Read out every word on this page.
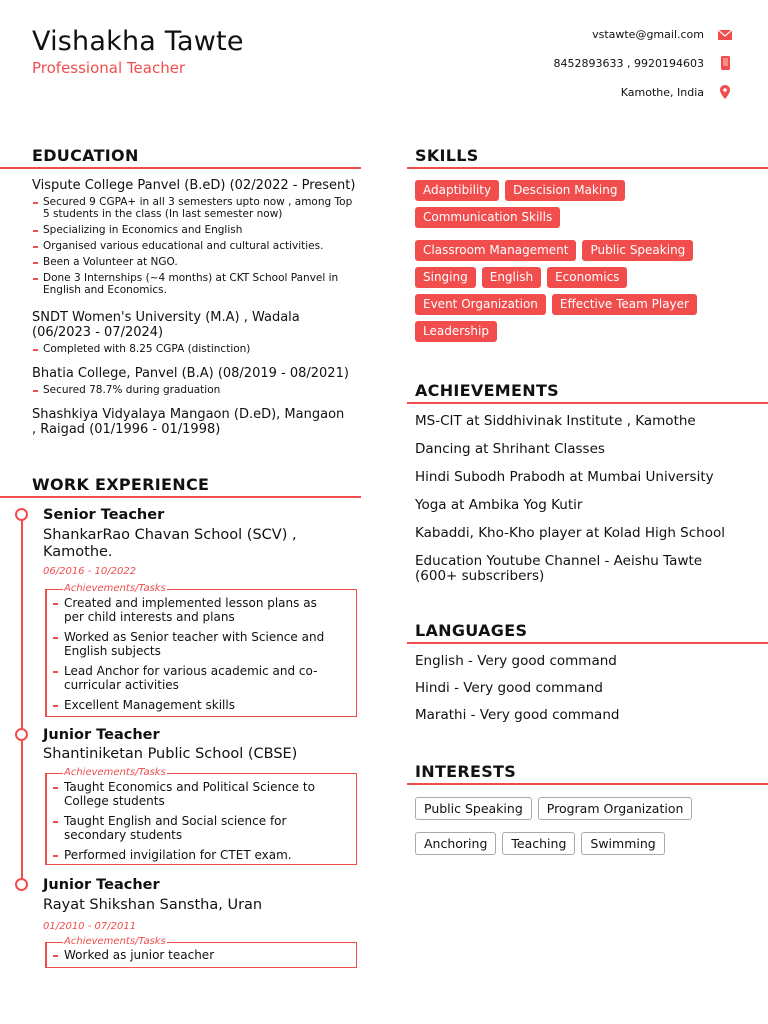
Vishakha Tawte
Professional Teacher
vstawte@gmail.com
8452893633 , 9920194603
Kamothe, India
EDUCATION
Vispute College Panvel (B.eD) (02/2022 - Present)
Secured 9 CGPA+ in all 3 semesters upto now , among Top 5 students in the class (In last semester now)
Specializing in Economics and English
Organised various educational and cultural activities.
Been a Volunteer at NGO.
Done 3 Internships (~4 months) at CKT School Panvel in English and Economics.
SNDT Women's University (M.A) , Wadala (06/2023 - 07/2024)
Completed with 8.25 CGPA (distinction)
Bhatia College, Panvel (B.A) (08/2019 - 08/2021)
Secured 78.7% during graduation
Shashkiya Vidyalaya Mangaon (D.eD), Mangaon , Raigad (01/1996 - 01/1998)
WORK EXPERIENCE
Senior Teacher
ShankarRao Chavan School (SCV) , Kamothe.
06/2016 - 10/2022
Achievements/Tasks
Created and implemented lesson plans as per child interests and plans
Worked as Senior teacher with Science and English subjects
Lead Anchor for various academic and co-curricular activities
Excellent Management skills
Junior Teacher
Shantiniketan Public School (CBSE)
Achievements/Tasks
Taught Economics and Political Science to College students
Taught English and Social science for secondary students
Performed invigilation for CTET exam.
Junior Teacher
Rayat Shikshan Sanstha, Uran
01/2010 - 07/2011
Achievements/Tasks
Worked as junior teacher
SKILLS
Adaptibility	Descision Making
Communication Skills
Classroom Management	Public Speaking
Singing	English	Economics
Event Organization	Effective Team Player
Leadership
ACHIEVEMENTS
MS-CIT at Siddhivinak Institute , Kamothe
Dancing at Shrihant Classes
Hindi Subodh Prabodh at Mumbai University
Yoga at Ambika Yog Kutir
Kabaddi, Kho-Kho player at Kolad High School
Education Youtube Channel - Aeishu Tawte (600+ subscribers)
LANGUAGES
English - Very good command
Hindi - Very good command
Marathi - Very good command
INTERESTS
Public Speaking	Program Organization
Anchoring	Teaching	Swimming
